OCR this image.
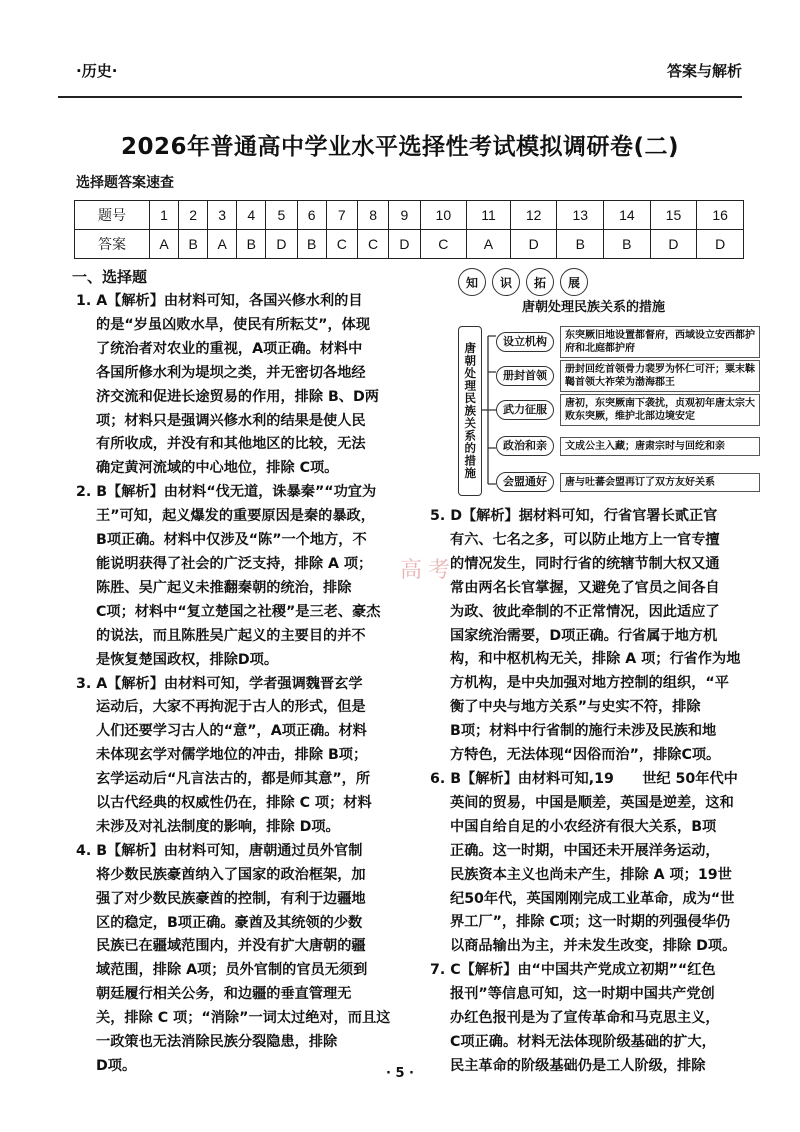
·历史·	答案与解析
2026年普通高中学业水平选择性考试模拟调研卷(二)
选择题答案速查
题号	1	2	3	4	5	6	7	8	9	10	11	12	13	14	15	16
答案	A	B	A	B	D	B	C	C	D	C	A	D	B	B	D	D
一、选择题
1. A【解析】由材料可知，各国兴修水利的目
的是“岁虽凶败水旱，使民有所耘艾”，体现
了统治者对农业的重视，A项正确。材料中
各国所修水利为堤坝之类，并无密切各地经
济交流和促进长途贸易的作用，排除 B、D两
项；材料只是强调兴修水利的结果是使人民
有所收成，并没有和其他地区的比较，无法
确定黄河流域的中心地位，排除 C项。
2. B【解析】由材料“伐无道，诛暴秦”“功宜为
王”可知，起义爆发的重要原因是秦的暴政，
B项正确。材料中仅涉及“陈”一个地方，不
能说明获得了社会的广泛支持，排除 A 项；
陈胜、吴广起义未推翻秦朝的统治，排除
C项；材料中“复立楚国之社稷”是三老、豪杰
的说法，而且陈胜吴广起义的主要目的并不
是恢复楚国政权，排除D项。
3. A【解析】由材料可知，学者强调魏晋玄学
运动后，大家不再拘泥于古人的形式，但是
人们还要学习古人的“意”，A项正确。材料
未体现玄学对儒学地位的冲击，排除 B项；
玄学运动后“凡言法古的，都是师其意”，所
以古代经典的权威性仍在，排除 C 项；材料
未涉及对礼法制度的影响，排除 D项。
4. B【解析】由材料可知，唐朝通过员外官制
将少数民族豪酋纳入了国家的政治框架，加
强了对少数民族豪酋的控制，有利于边疆地
区的稳定，B项正确。豪酋及其统领的少数
民族已在疆域范围内，并没有扩大唐朝的疆
域范围，排除 A项；员外官制的官员无须到
朝廷履行相关公务，和边疆的垂直管理无
关，排除 C 项；“消除”一词太过绝对，而且这
一政策也无法消除民族分裂隐患，排除
D项。
知	识	拓	展
唐朝处理民族关系的措施
唐朝处理民族关系的措施
设立机构	东突厥旧地设置都督府，西域设立安西都护府和北庭都护府
册封首领	册封回纥首领骨力裴罗为怀仁可汗；粟末靺鞨首领大祚荣为渤海郡王
武力征服	唐初，东突厥南下袭扰，贞观初年唐太宗大败东突厥，维护北部边境安定
政治和亲	文成公主入藏；唐肃宗时与回纥和亲
会盟通好	唐与吐蕃会盟再订了双方友好关系
5. D【解析】据材料可知，行省官署长贰正官
有六、七名之多，可以防止地方上一官专擅
的情况发生，同时行省的统辖节制大权又通
常由两名长官掌握，又避免了官员之间各自
为政、彼此牵制的不正常情况，因此适应了
国家统治需要，D项正确。行省属于地方机
构，和中枢机构无关，排除 A 项；行省作为地
方机构，是中央加强对地方控制的组织，“平
衡了中央与地方关系”与史实不符，排除
B项；材料中行省制的施行未涉及民族和地
方特色，无法体现“因俗而治”，排除C项。
6. B【解析】由材料可知,19　　世纪 50年代中
英间的贸易，中国是顺差，英国是逆差，这和
中国自给自足的小农经济有很大关系，B项
正确。这一时期，中国还未开展洋务运动，
民族资本主义也尚未产生，排除 A 项；19世
纪50年代，英国刚刚完成工业革命，成为“世
界工厂”，排除 C项；这一时期的列强侵华仍
以商品输出为主，并未发生改变，排除 D项。
7. C【解析】由“中国共产党成立初期”“红色
报刊”等信息可知，这一时期中国共产党创
办红色报刊是为了宣传革命和马克思主义，
C项正确。材料无法体现阶级基础的扩大，
民主革命的阶级基础仍是工人阶级，排除
高考
· 5 ·
